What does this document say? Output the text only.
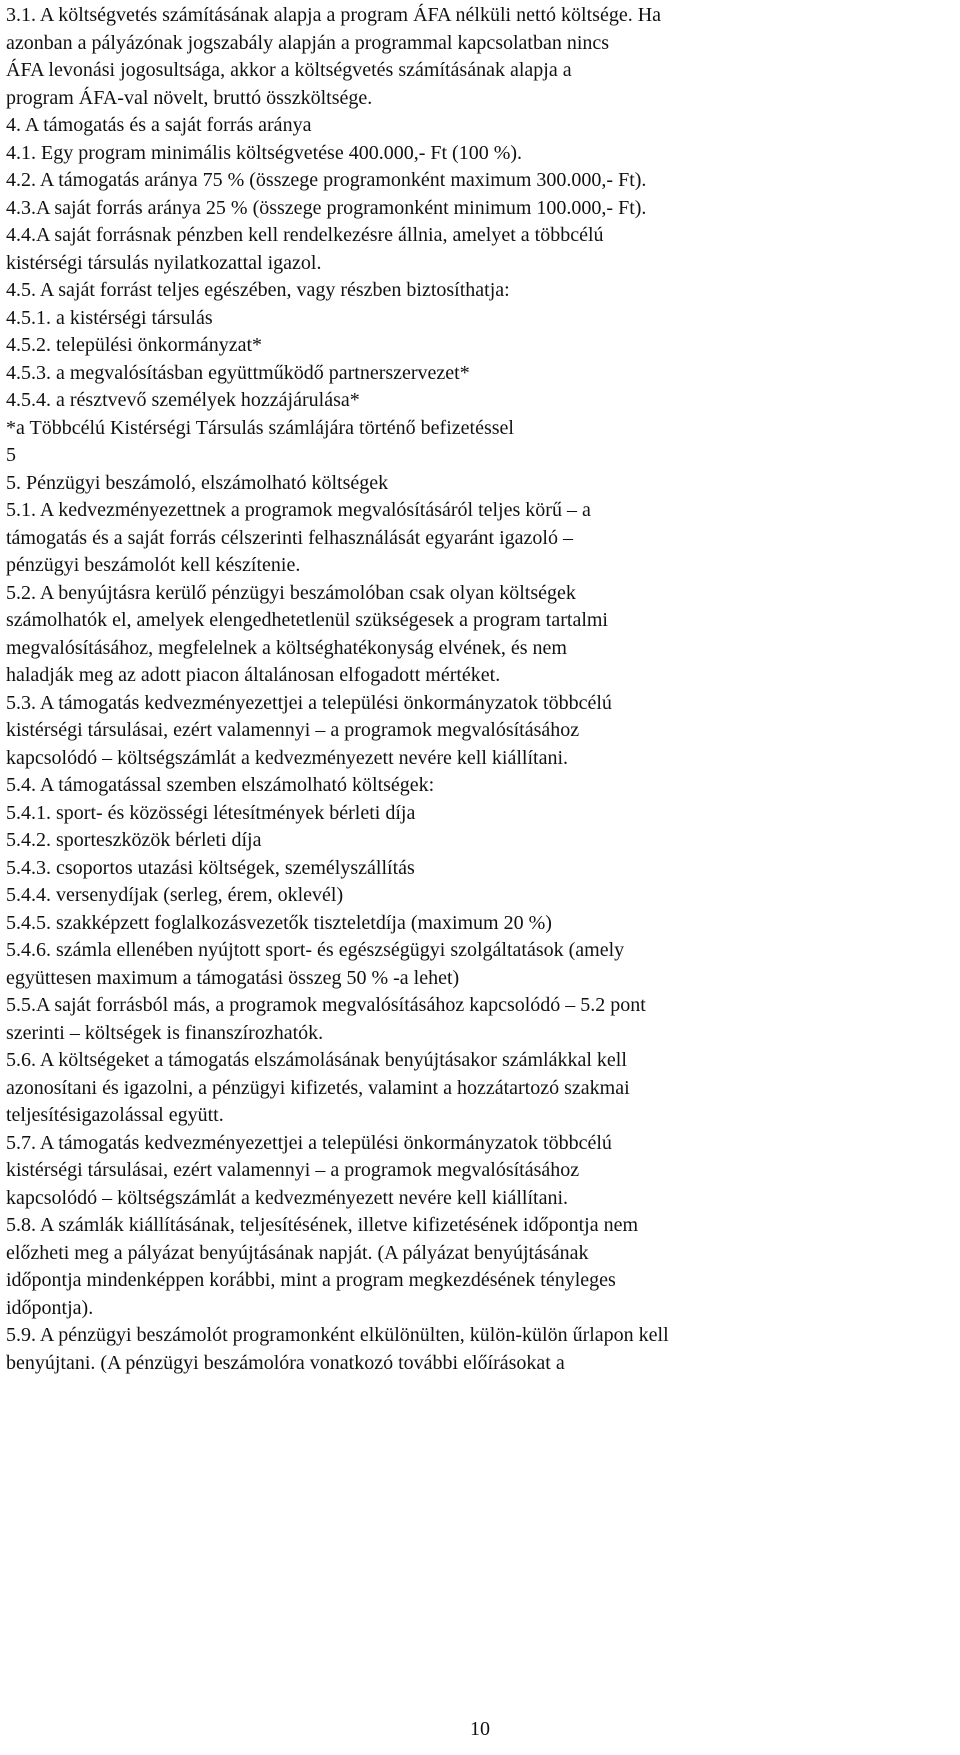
3.1. A költségvetés számításának alapja a program ÁFA nélküli nettó költsége. Ha
azonban a pályázónak jogszabály alapján a programmal kapcsolatban nincs
ÁFA levonási jogosultsága, akkor a költségvetés számításának alapja a
program ÁFA-val növelt, bruttó összköltsége.
4. A támogatás és a saját forrás aránya
4.1. Egy program minimális költségvetése 400.000,- Ft (100 %).
4.2. A támogatás aránya 75 % (összege programonként maximum 300.000,- Ft).
4.3.A saját forrás aránya 25 % (összege programonként minimum 100.000,- Ft).
4.4.A saját forrásnak pénzben kell rendelkezésre állnia, amelyet a többcélú
kistérségi társulás nyilatkozattal igazol.
4.5. A saját forrást teljes egészében, vagy részben biztosíthatja:
4.5.1. a kistérségi társulás
4.5.2. települési önkormányzat*
4.5.3. a megvalósításban együttműködő partnerszervezet*
4.5.4. a résztvevő személyek hozzájárulása*
*a Többcélú Kistérségi Társulás számlájára történő befizetéssel
5
5. Pénzügyi beszámoló, elszámolható költségek
5.1. A kedvezményezettnek a programok megvalósításáról teljes körű – a
támogatás és a saját forrás célszerinti felhasználását egyaránt igazoló –
pénzügyi beszámolót kell készítenie.
5.2. A benyújtásra kerülő pénzügyi beszámolóban csak olyan költségek
számolhatók el, amelyek elengedhetetlenül szükségesek a program tartalmi
megvalósításához, megfelelnek a költséghatékonyság elvének, és nem
haladják meg az adott piacon általánosan elfogadott mértéket.
5.3. A támogatás kedvezményezettjei a települési önkormányzatok többcélú
kistérségi társulásai, ezért valamennyi – a programok megvalósításához
kapcsolódó – költségszámlát a kedvezményezett nevére kell kiállítani.
5.4. A támogatással szemben elszámolható költségek:
5.4.1. sport- és közösségi létesítmények bérleti díja
5.4.2. sporteszközök bérleti díja
5.4.3. csoportos utazási költségek, személyszállítás
5.4.4. versenydíjak (serleg, érem, oklevél)
5.4.5. szakképzett foglalkozásvezetők tiszteletdíja (maximum 20 %)
5.4.6. számla ellenében nyújtott sport- és egészségügyi szolgáltatások (amely
együttesen maximum a támogatási összeg 50 % -a lehet)
5.5.A saját forrásból más, a programok megvalósításához kapcsolódó – 5.2 pont
szerinti – költségek is finanszírozhatók.
5.6. A költségeket a támogatás elszámolásának benyújtásakor számlákkal kell
azonosítani és igazolni, a pénzügyi kifizetés, valamint a hozzátartozó szakmai
teljesítésigazolással együtt.
5.7. A támogatás kedvezményezettjei a települési önkormányzatok többcélú
kistérségi társulásai, ezért valamennyi – a programok megvalósításához
kapcsolódó – költségszámlát a kedvezményezett nevére kell kiállítani.
5.8. A számlák kiállításának, teljesítésének, illetve kifizetésének időpontja nem
előzheti meg a pályázat benyújtásának napját. (A pályázat benyújtásának
időpontja mindenképpen korábbi, mint a program megkezdésének tényleges
időpontja).
5.9. A pénzügyi beszámolót programonként elkülönülten, külön-külön űrlapon kell
benyújtani. (A pénzügyi beszámolóra vonatkozó további előírásokat a
10
